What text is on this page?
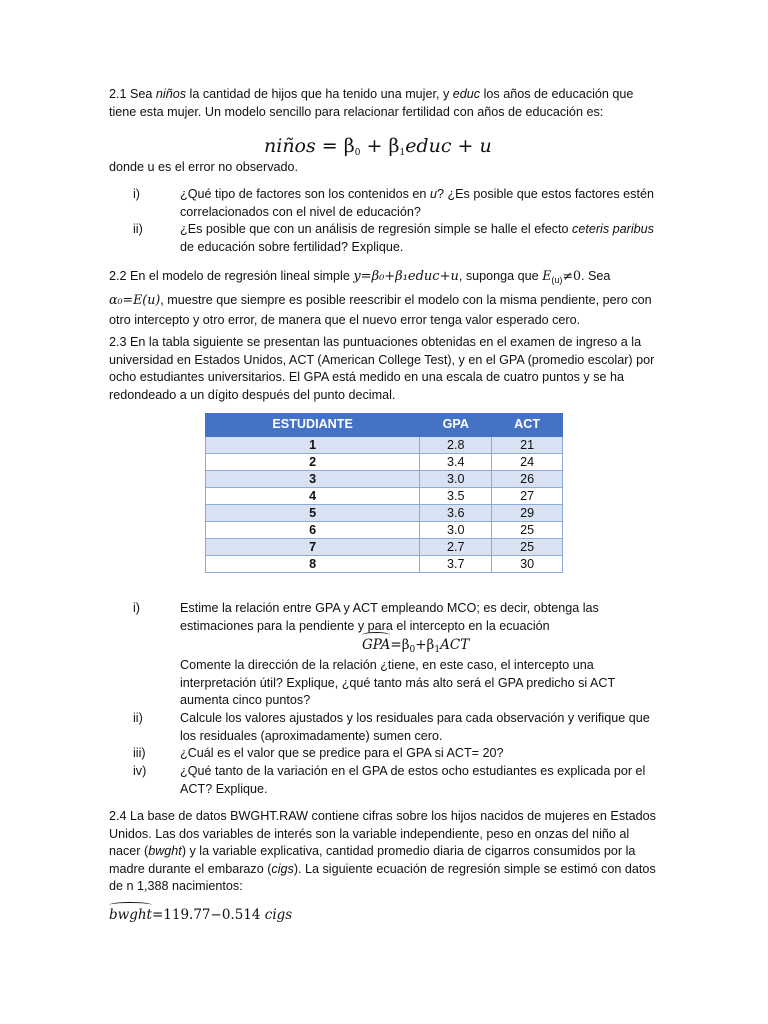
2.1 Sea niños la cantidad de hijos que ha tenido una mujer, y educ los años de educación que tiene esta mujer. Un modelo sencillo para relacionar fertilidad con años de educación es:
niños = $\beta_0$ + $\beta_1educ + u$
donde u es el error no observado.
i)	¿Qué tipo de factores son los contenidos en u? ¿Es posible que estos factores estén correlacionados con el nivel de educación?
ii)	¿Es posible que con un análisis de regresión simple se halle el efecto ceteris paribus de educación sobre fertilidad? Explique.
2.2 En el modelo de regresión lineal simple y=β₀+β₁educ+u, suponga que $E_{(u)}\ne 0$. Sea α₀=E(u), muestre que siempre es posible reescribir el modelo con la misma pendiente, pero con otro intercepto y otro error, de manera que el nuevo error tenga valor esperado cero.
2.3 En la tabla siguiente se presentan las puntuaciones obtenidas en el examen de ingreso a la universidad en Estados Unidos, ACT (American College Test), y en el GPA (promedio escolar) por ocho estudiantes universitarios. El GPA está medido en una escala de cuatro puntos y se ha redondeado a un dígito después del punto decimal.
ESTUDIANTE	GPA	ACT
1	2.8	21
2	3.4	24
3	3.0	26
4	3.5	27
5	3.6	29
6	3.0	25
7	2.7	25
8	3.7	30
i)	Estime la relación entre GPA y ACT empleando MCO; es decir, obtenga las estimaciones para la pendiente y para el intercepto en la ecuación
$GPA=\beta_0+\beta_1ACT$
Comente la dirección de la relación ¿tiene, en este caso, el intercepto una interpretación útil? Explique, ¿qué tanto más alto será el GPA predicho si ACT aumenta cinco puntos?
ii)	Calcule los valores ajustados y los residuales para cada observación y verifique que los residuales (aproximadamente) sumen cero.
iii)	¿Cuál es el valor que se predice para el GPA si ACT= 20?
iv)	¿Qué tanto de la variación en el GPA de estos ocho estudiantes es explicada por el ACT? Explique.
2.4 La base de datos BWGHT.RAW contiene cifras sobre los hijos nacidos de mujeres en Estados Unidos. Las dos variables de interés son la variable independiente, peso en onzas del niño al nacer (bwght) y la variable explicativa, cantidad promedio diaria de cigarros consumidos por la madre durante el embarazo (cigs). La siguiente ecuación de regresión simple se estimó con datos de n 1,388 nacimientos:
bwght=119.77−0.514 cigs
